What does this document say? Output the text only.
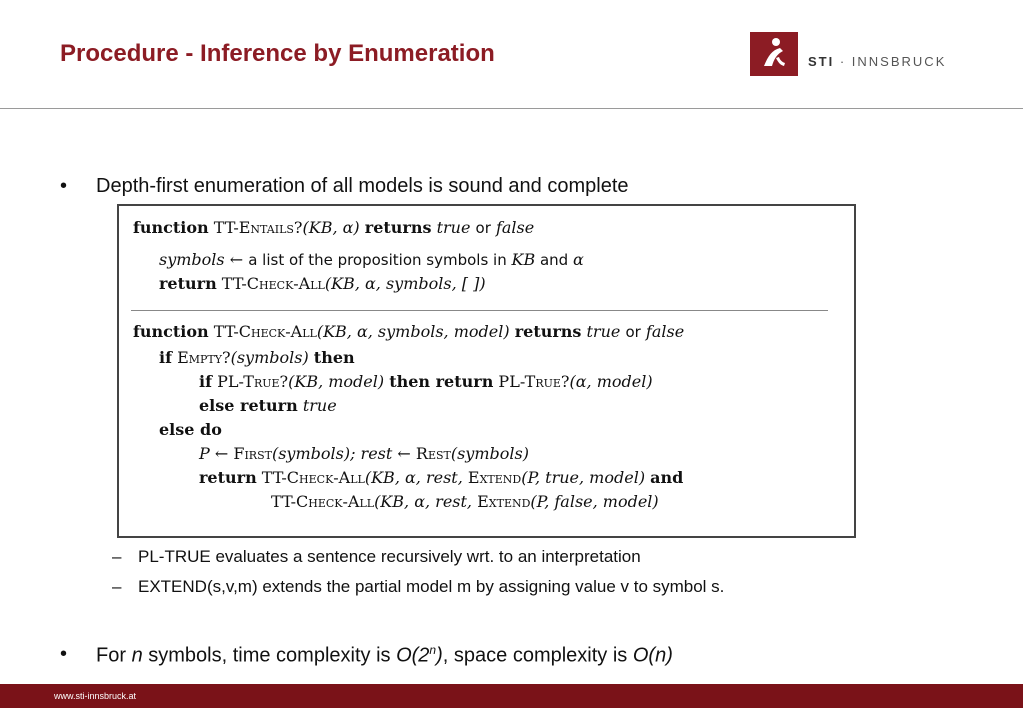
Procedure - Inference by Enumeration	STI · INNSBRUCK
• Depth-first enumeration of all models is sound and complete
function TT-Entails?(KB, α) returns true or false
symbols ← a list of the proposition symbols in KB and α
return TT-Check-All(KB, α, symbols, [ ])
function TT-Check-All(KB, α, symbols, model) returns true or false
if Empty?(symbols) then
if PL-True?(KB, model) then return PL-True?(α, model)
else return true
else do
P ← First(symbols); rest ← Rest(symbols)
return TT-Check-All(KB, α, rest, Extend(P, true, model) and
TT-Check-All(KB, α, rest, Extend(P, false, model)
– PL-TRUE evaluates a sentence recursively wrt. to an interpretation
– EXTEND(s,v,m) extends the partial model m by assigning value v to symbol s.
• For n symbols, time complexity is O(2$^n$), space complexity is O(n)
www.sti-innsbruck.at
